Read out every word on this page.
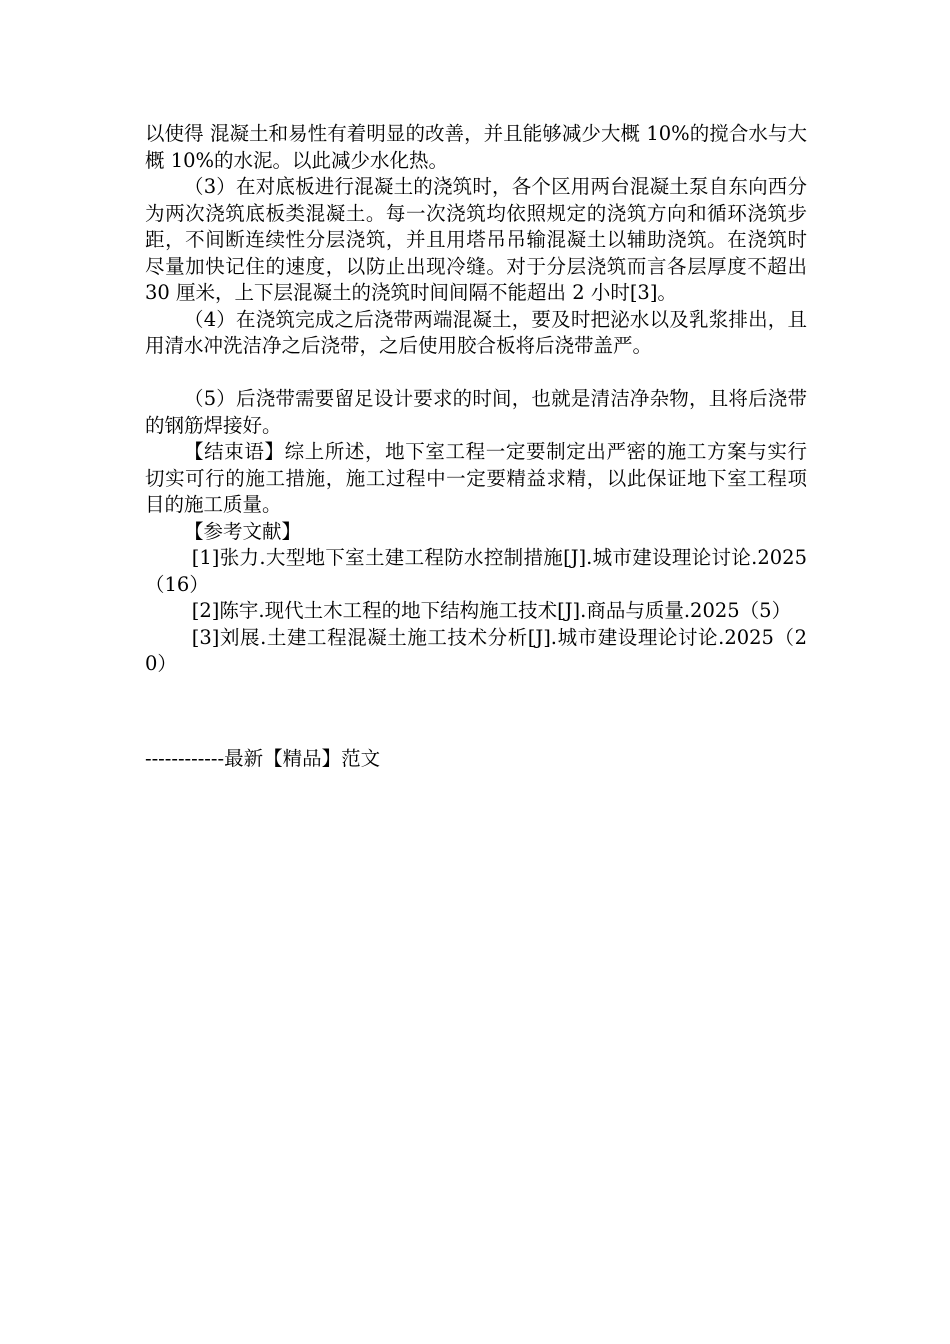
以使得 混凝土和易性有着明显的改善，并且能够减少大概 10%的搅合水与大概 10%的水泥。以此减少水化热。

（3）在对底板进行混凝土的浇筑时，各个区用两台混凝土泵自东向西分为两次浇筑底板类混凝土。每一次浇筑均依照规定的浇筑方向和循环浇筑步距，不间断连续性分层浇筑，并且用塔吊吊输混凝土以辅助浇筑。在浇筑时尽量加快记住的速度，以防止出现冷缝。对于分层浇筑而言各层厚度不超出 30 厘米，上下层混凝土的浇筑时间间隔不能超出 2 小时[3]。

（4）在浇筑完成之后浇带两端混凝土，要及时把泌水以及乳浆排出，且用清水冲洗洁净之后浇带，之后使用胶合板将后浇带盖严。

（5）后浇带需要留足设计要求的时间，也就是清洁净杂物，且将后浇带的钢筋焊接好。

【结束语】综上所述，地下室工程一定要制定出严密的施工方案与实行切实可行的施工措施，施工过程中一定要精益求精，以此保证地下室工程项目的施工质量。

【参考文献】

[1]张力.大型地下室土建工程防水控制措施[J].城市建设理论讨论.2025（16）

[2]陈宇.现代土木工程的地下结构施工技术[J].商品与质量.2025（5）

[3]刘展.土建工程混凝土施工技术分析[J].城市建设理论讨论.2025（20）

------------最新【精品】范文
